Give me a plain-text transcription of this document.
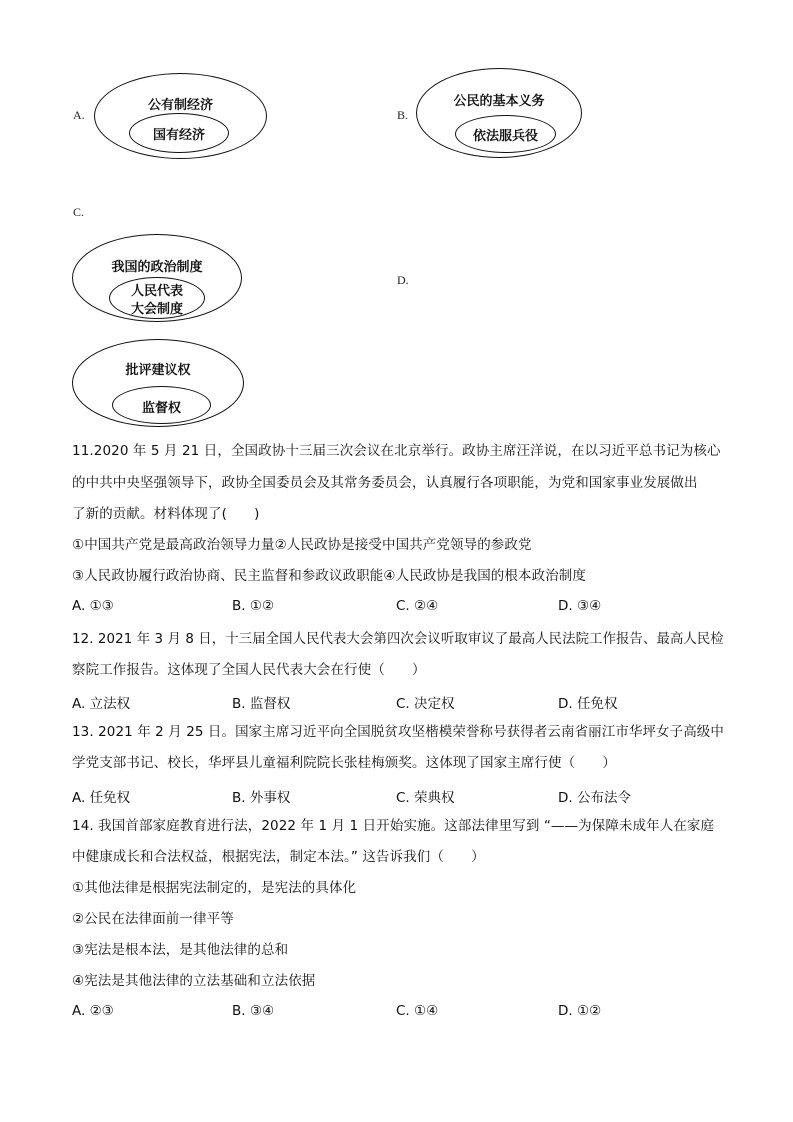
A.
公有制经济
国有经济
B.
公民的基本义务
依法服兵役
C.
我国的政治制度
人民代表
大会制度
D.
批评建议权
监督权
11.2020 年 5 月 21 日，全国政协十三届三次会议在北京举行。政协主席汪洋说，在以习近平总书记为核心
的中共中央坚强领导下，政协全国委员会及其常务委员会，认真履行各项职能，为党和国家事业发展做出
了新的贡献。材料体现了(　　)
①中国共产党是最高政治领导力量②人民政协是接受中国共产党领导的参政党
③人民政协履行政治协商、民主监督和参政议政职能④人民政协是我国的根本政治制度
A. ①③	B. ①②	C. ②④	D. ③④
12. 2021 年 3 月 8 日，十三届全国人民代表大会第四次会议听取审议了最高人民法院工作报告、最高人民检
察院工作报告。这体现了全国人民代表大会在行使（　　）
A. 立法权	B. 监督权	C. 决定权	D. 任免权
13. 2021 年 2 月 25 日。国家主席习近平向全国脱贫攻坚楷模荣誉称号获得者云南省丽江市华坪女子高级中
学党支部书记、校长，华坪县儿童福利院院长张桂梅颁奖。这体现了国家主席行使（　　）
A. 任免权	B. 外事权	C. 荣典权	D. 公布法令
14. 我国首部家庭教育进行法，2022 年 1 月 1 日开始实施。这部法律里写到 “——为保障未成年人在家庭
中健康成长和合法权益，根据宪法，制定本法。” 这告诉我们（　　）
①其他法律是根据宪法制定的，是宪法的具体化
②公民在法律面前一律平等
③宪法是根本法，是其他法律的总和
④宪法是其他法律的立法基础和立法依据
A. ②③	B. ③④	C. ①④	D. ①②
